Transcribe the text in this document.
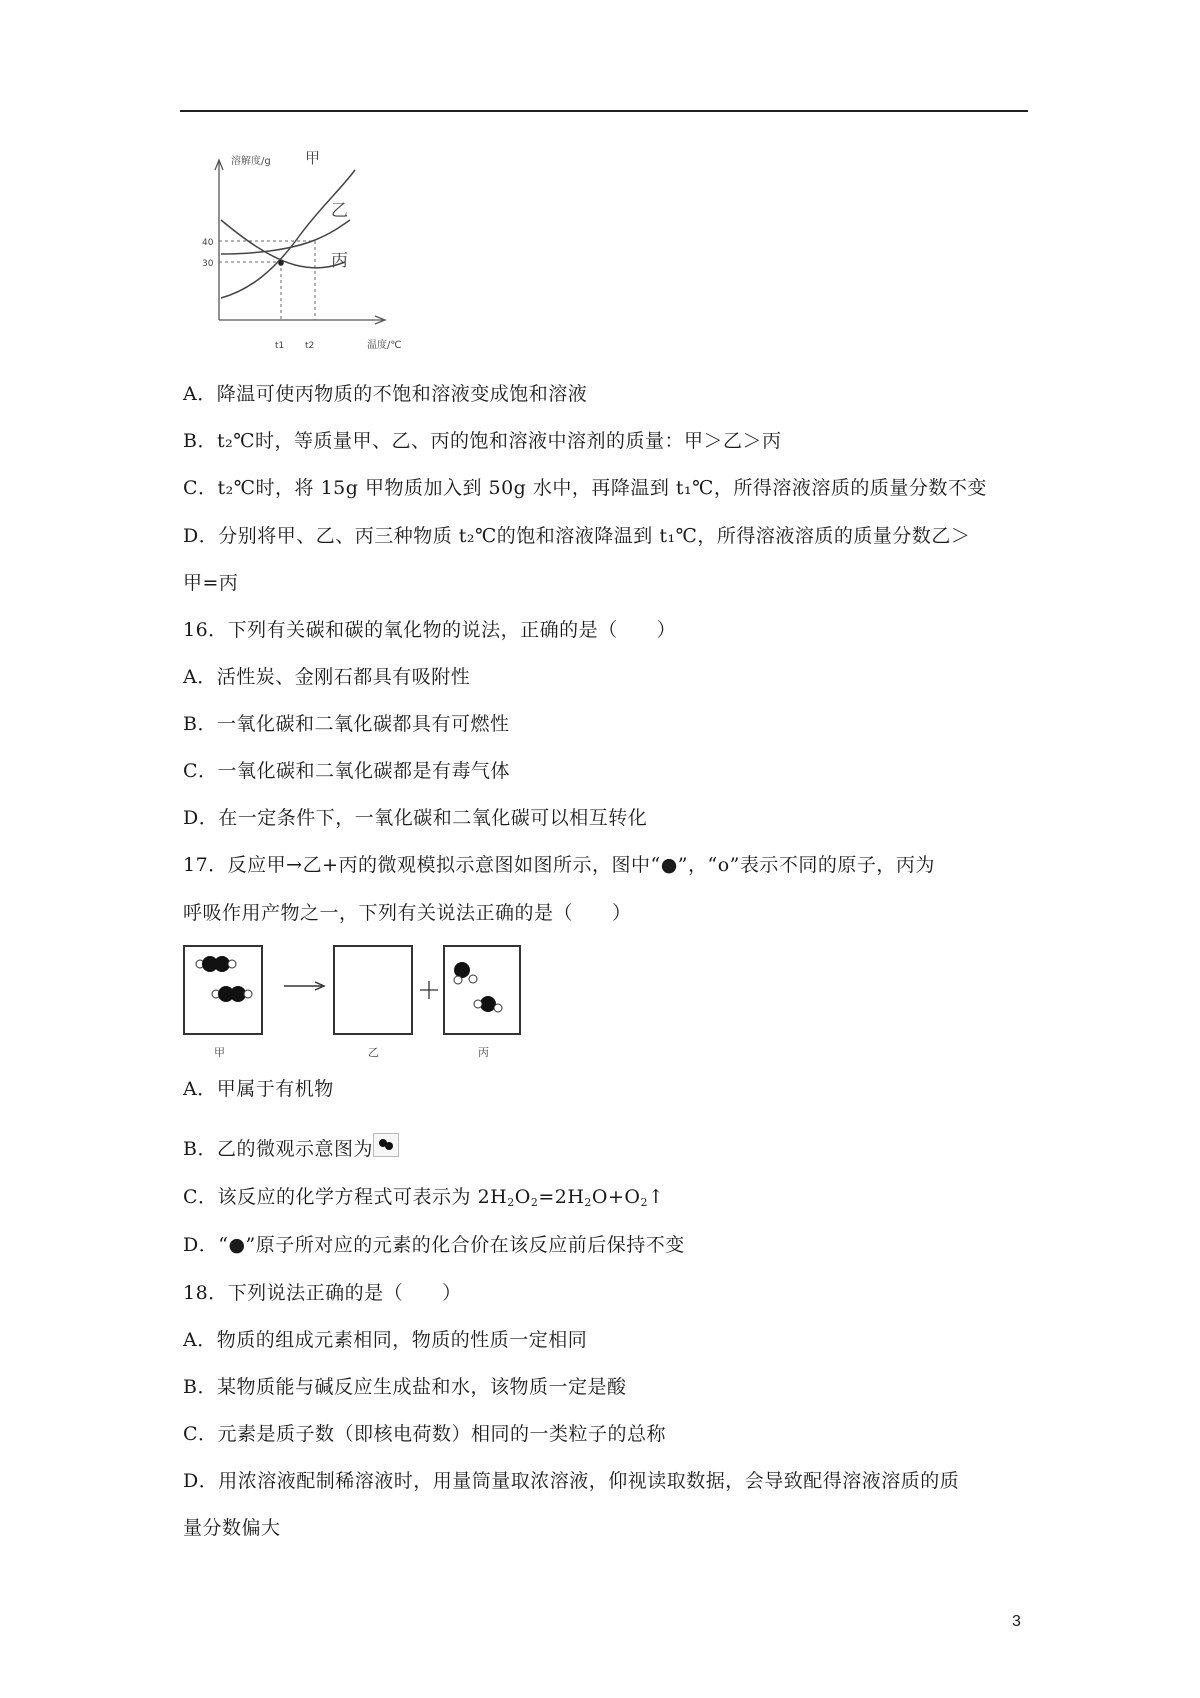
溶解度/g 甲
乙
丙
40
30
t1 t2	温度/℃
A．降温可使丙物质的不饱和溶液变成饱和溶液
B．t₂℃时，等质量甲、乙、丙的饱和溶液中溶剂的质量：甲＞乙＞丙
C．t₂℃时，将 15g 甲物质加入到 50g 水中，再降温到 t₁℃，所得溶液溶质的质量分数不变
D．分别将甲、乙、丙三种物质 t₂℃的饱和溶液降温到 t₁℃，所得溶液溶质的质量分数乙＞
甲=丙
16．下列有关碳和碳的氧化物的说法，正确的是（　　）
A．活性炭、金刚石都具有吸附性
B．一氧化碳和二氧化碳都具有可燃性
C．一氧化碳和二氧化碳都是有毒气体
D．在一定条件下，一氧化碳和二氧化碳可以相互转化
17．反应甲→乙+丙的微观模拟示意图如图所示，图中“●”，“o”表示不同的原子，丙为
呼吸作用产物之一，下列有关说法正确的是（　　）
甲	乙	丙
A．甲属于有机物
B．乙的微观示意图为
C．该反应的化学方程式可表示为 $2H_2O_2=2H_2O+O_2↑$
D．“●”原子所对应的元素的化合价在该反应前后保持不变
18．下列说法正确的是（　　）
A．物质的组成元素相同，物质的性质一定相同
B．某物质能与碱反应生成盐和水，该物质一定是酸
C．元素是质子数（即核电荷数）相同的一类粒子的总称
D．用浓溶液配制稀溶液时，用量筒量取浓溶液，仰视读取数据，会导致配得溶液溶质的质
量分数偏大
3
